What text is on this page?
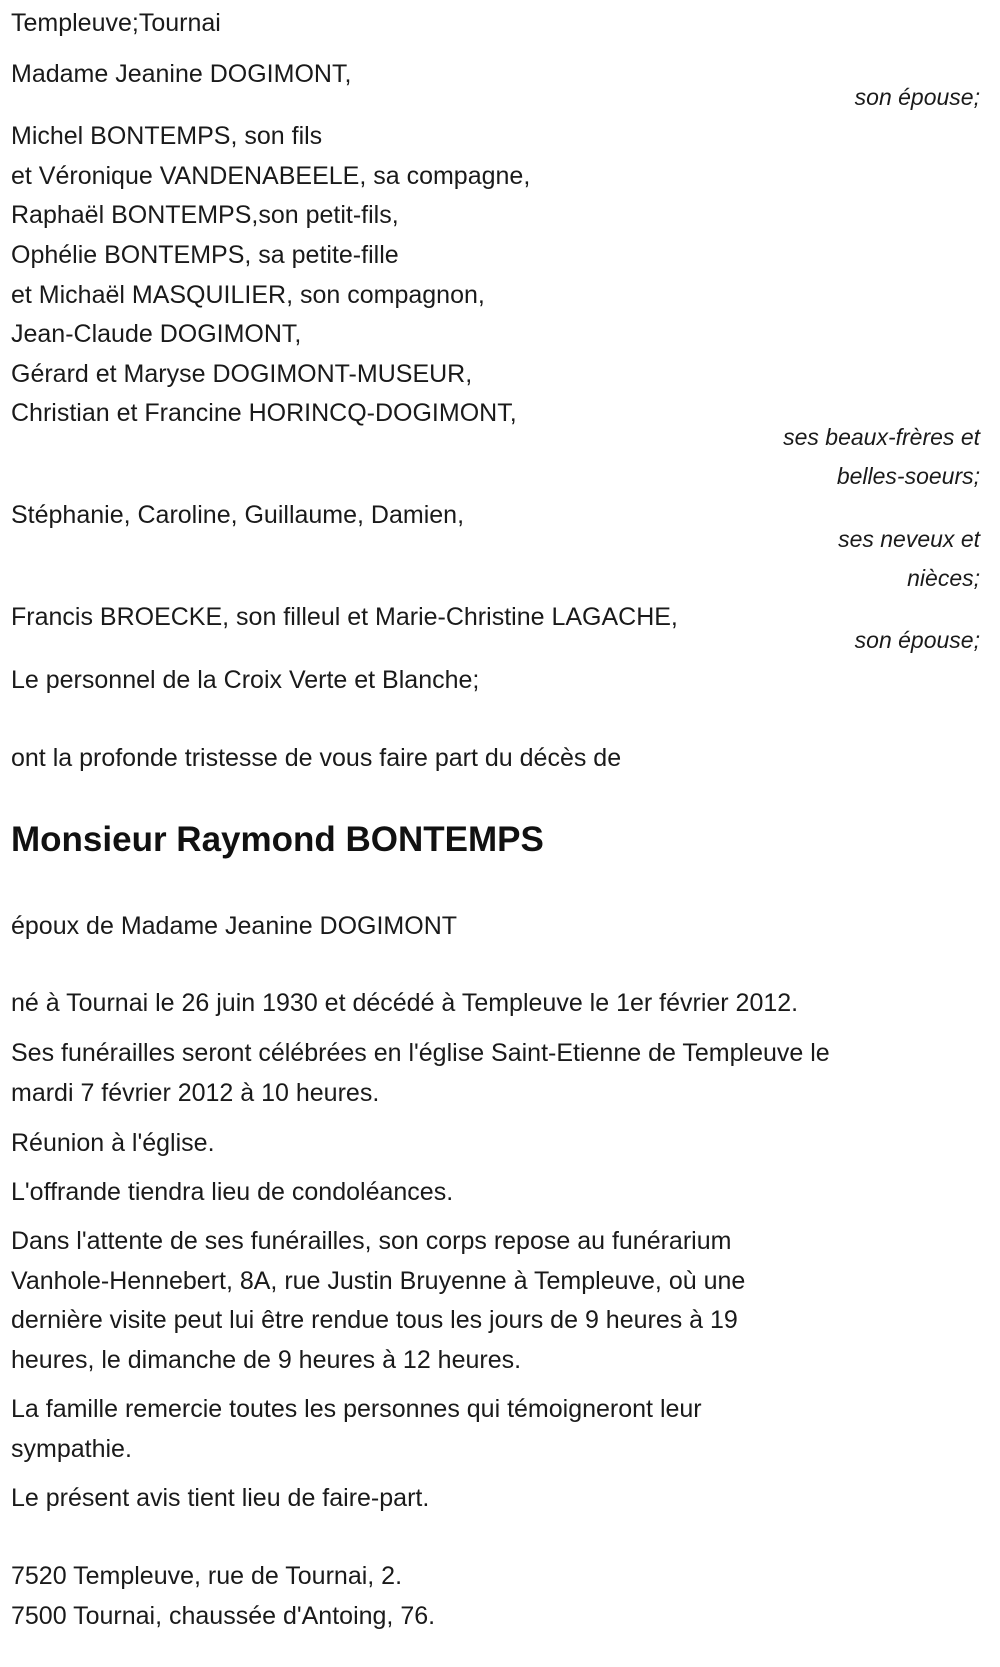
Templeuve;Tournai
Madame Jeanine DOGIMONT,
son épouse;
Michel BONTEMPS, son fils
et Véronique VANDENABEELE, sa compagne,
Raphaël BONTEMPS,son petit-fils,
Ophélie BONTEMPS, sa petite-fille
et Michaël MASQUILIER, son compagnon,
Jean-Claude DOGIMONT,
Gérard et Maryse DOGIMONT-MUSEUR,
Christian et Francine HORINCQ-DOGIMONT,
ses beaux-frères et
belles-soeurs;
Stéphanie, Caroline, Guillaume, Damien,
ses neveux et
nièces;
Francis BROECKE, son filleul et Marie-Christine LAGACHE,
son épouse;
Le personnel de la Croix Verte et Blanche;
ont la profonde tristesse de vous faire part du décès de
Monsieur Raymond BONTEMPS
époux de Madame Jeanine DOGIMONT
né à Tournai le 26 juin 1930 et décédé à Templeuve le 1er février 2012.
Ses funérailles seront célébrées en l'église Saint-Etienne de Templeuve le
mardi 7 février 2012 à 10 heures.
Réunion à l'église.
L'offrande tiendra lieu de condoléances.
Dans l'attente de ses funérailles, son corps repose au funérarium
Vanhole-Hennebert, 8A, rue Justin Bruyenne à Templeuve, où une
dernière visite peut lui être rendue tous les jours de 9 heures à 19
heures, le dimanche de 9 heures à 12 heures.
La famille remercie toutes les personnes qui témoigneront leur
sympathie.
Le présent avis tient lieu de faire-part.
7520 Templeuve, rue de Tournai, 2.
7500 Tournai, chaussée d'Antoing, 76.
